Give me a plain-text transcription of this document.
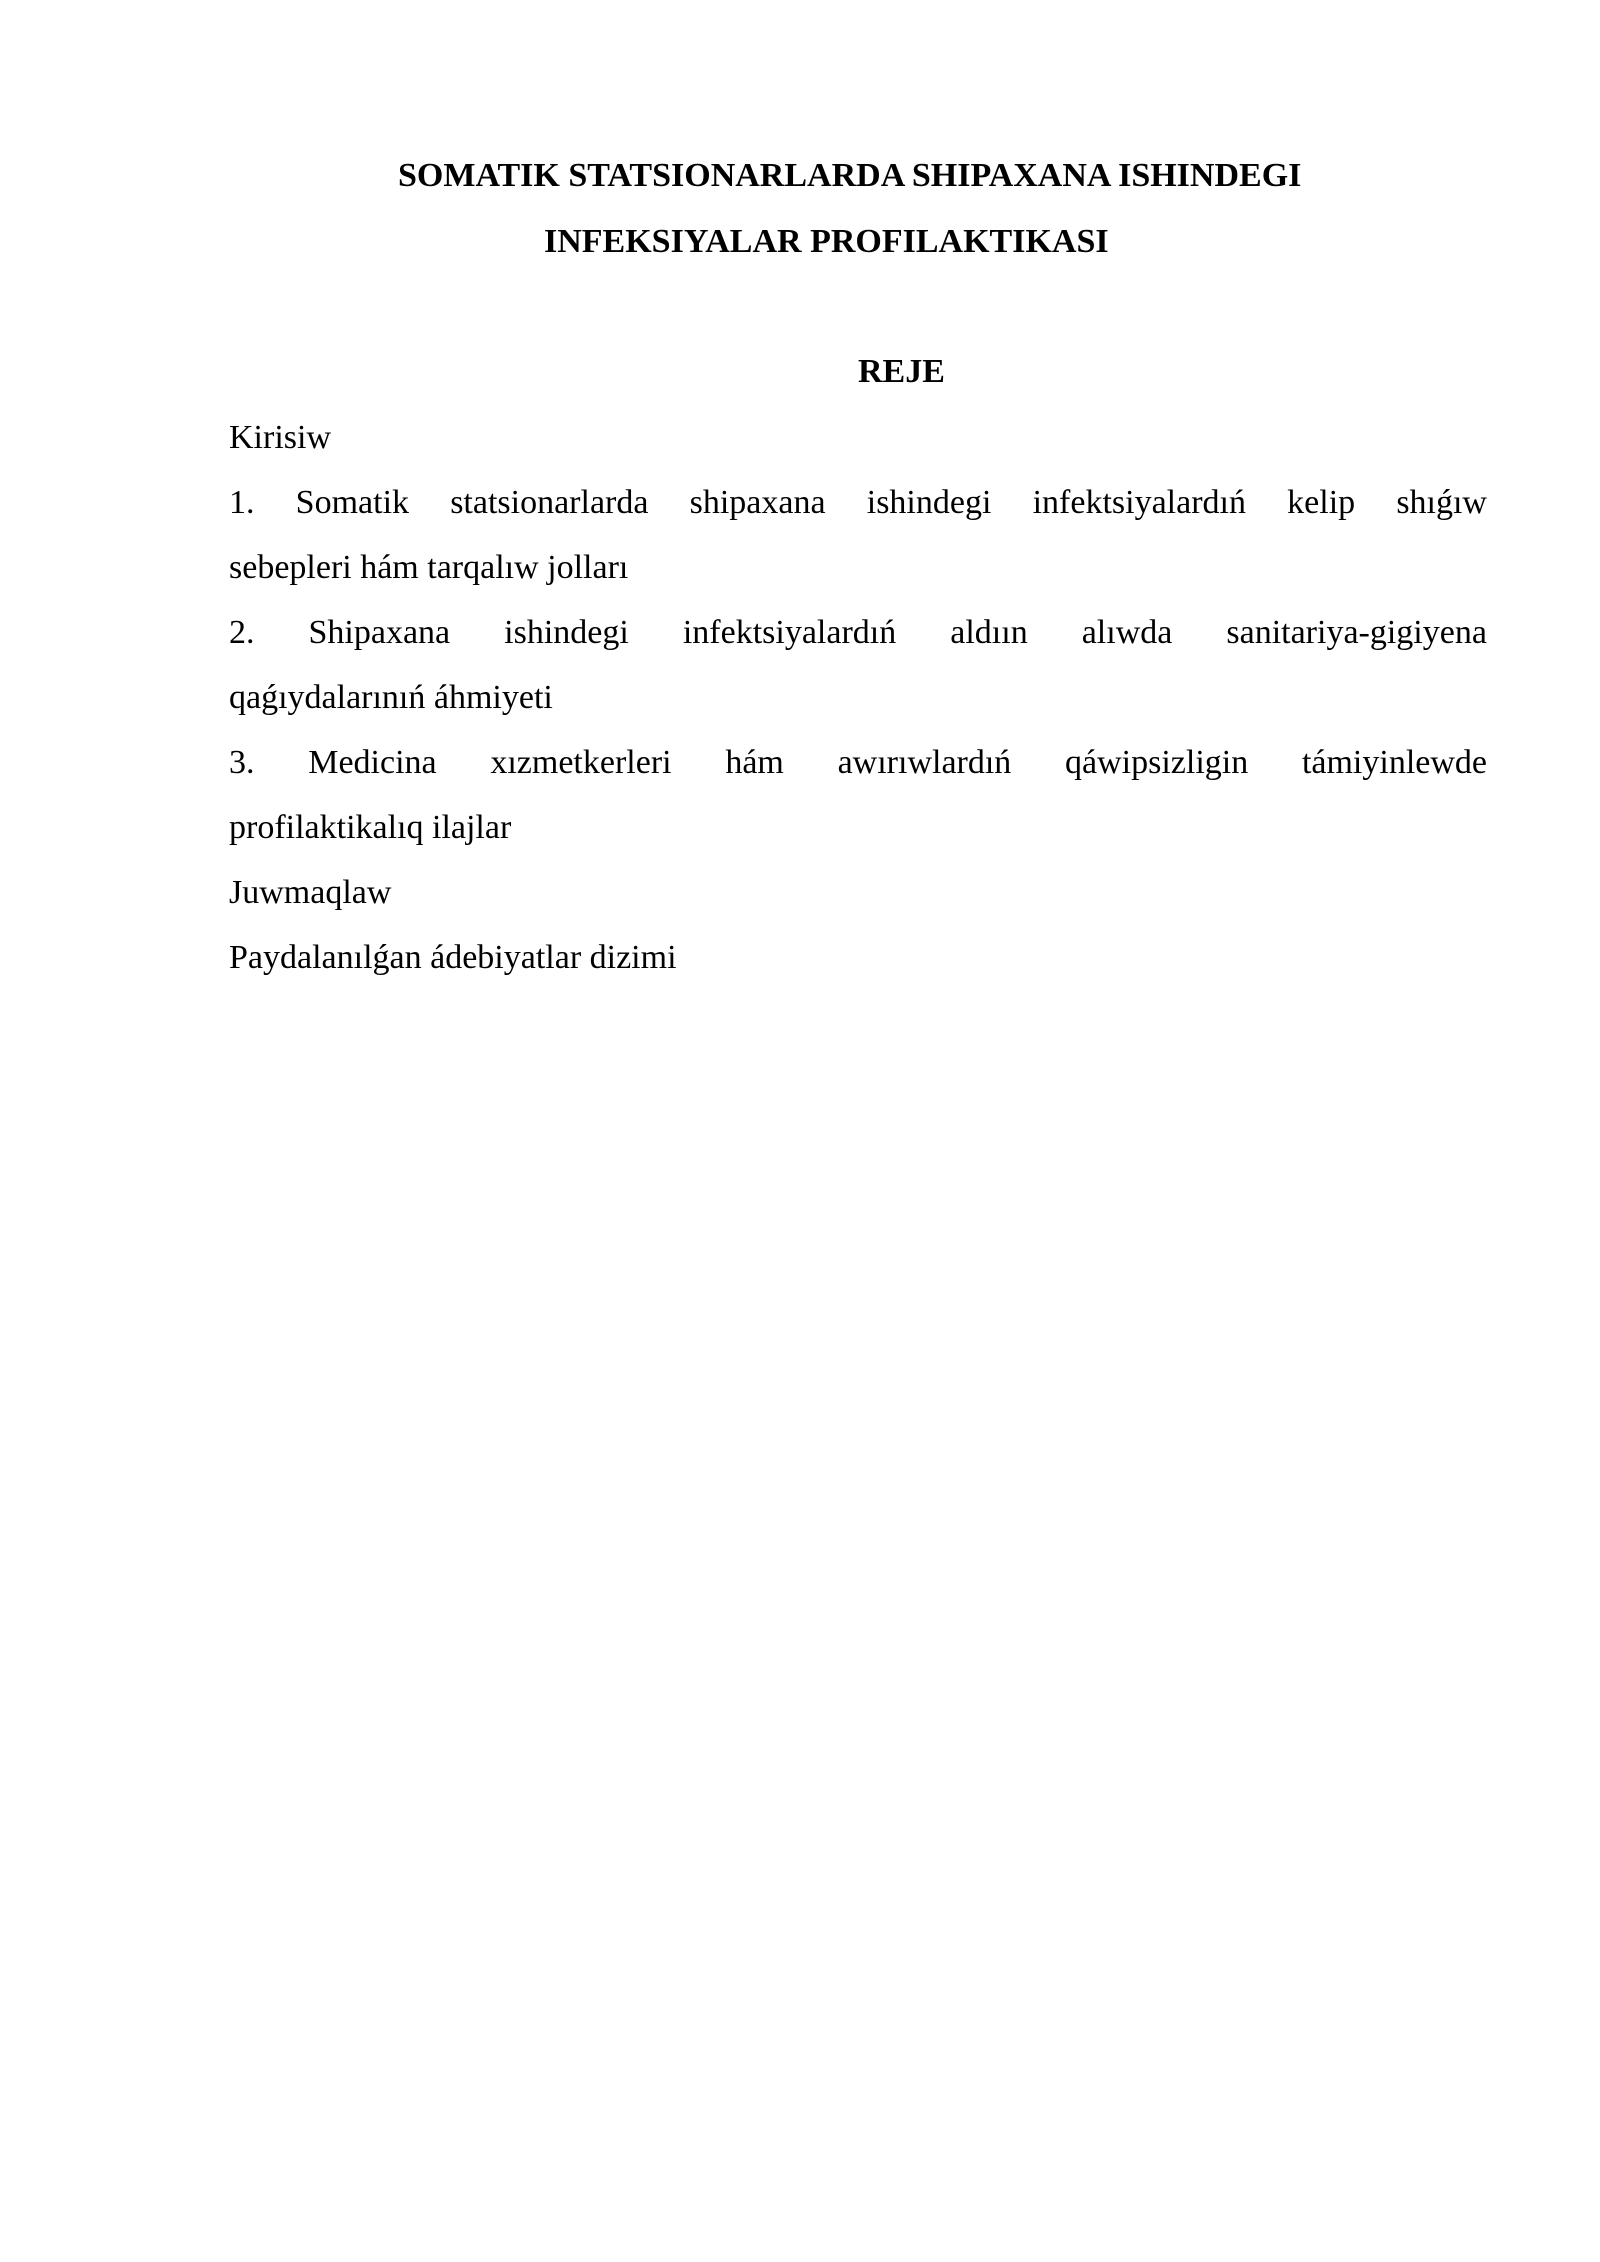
SOMATIK STATSIONARLARDA SHIPAXANA ISHINDEGI
INFEKSIYALAR PROFILAKTIKASI
REJE
Kirisiw
1. Somatik statsionarlarda shipaxana ishindegi infektsiyalardıń kelip shıǵıw
sebepleri hám tarqalıw jolları
2. Shipaxana ishindegi infektsiyalardıń aldıın alıwda sanitariya-gigiyena
qaǵıydalarınıń áhmiyeti
3. Medicina xızmetkerleri hám awırıwlardıń qáwipsizligin támiyinlewde
profilaktikalıq ilajlar
Juwmaqlaw
Paydalanılǵan ádebiyatlar dizimi
